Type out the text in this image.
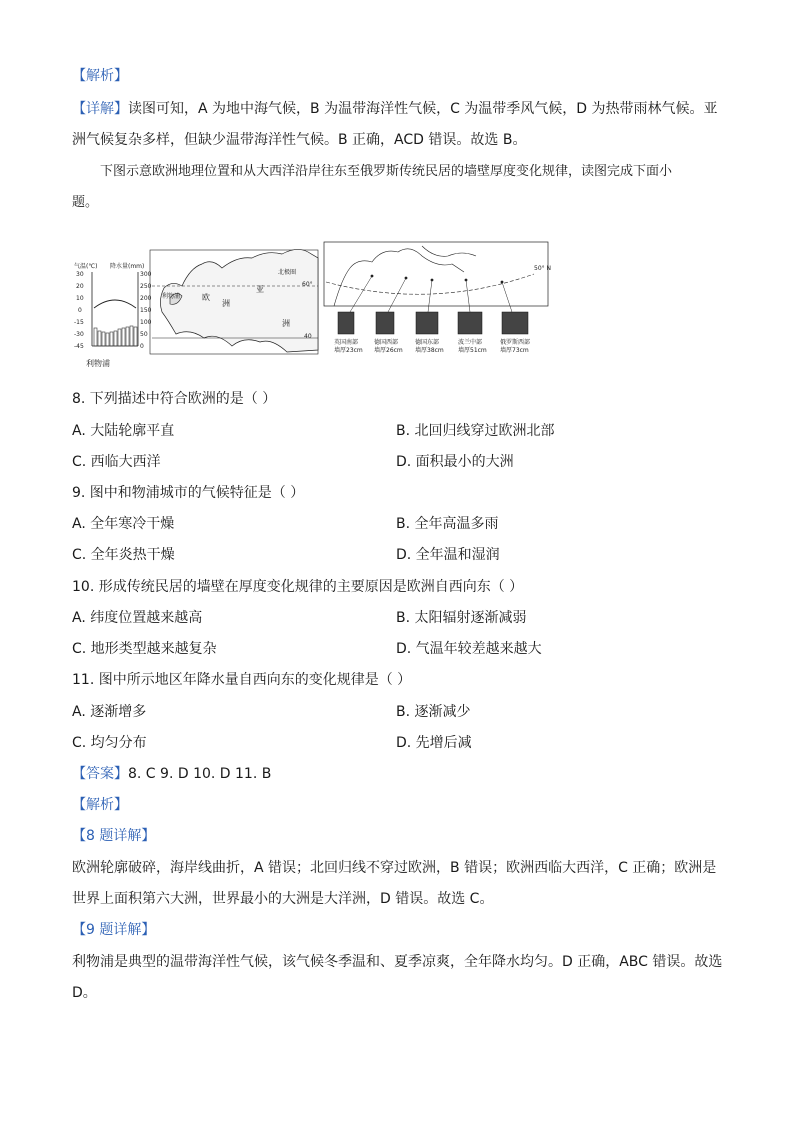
【解析】
【详解】读图可知，A 为地中海气候，B 为温带海洋性气候，C 为温带季风气候，D 为热带雨林气候。亚
洲气候复杂多样，但缺少温带海洋性气候。B 正确，ACD 错误。故选 B。
下图示意欧洲地理位置和从大西洋沿岸往东至俄罗斯传统民居的墙壁厚度变化规律，读图完成下面小
题。
气温(℃) 降水量(mm)
30
20
10
0
-15
-30
-45
300
250
200
150
100
50
0
利物浦
北极圈
60°
40
利物浦	欧
洲
亚
洲
50° N
英国南部
墙厚23cm
德国西部
墙厚26cm
德国东部
墙厚38cm
波兰中部
墙厚51cm
俄罗斯西部
墙厚73cm
8. 下列描述中符合欧洲的是（ ）
A. 大陆轮廓平直	B. 北回归线穿过欧洲北部
C. 西临大西洋	D. 面积最小的大洲
9. 图中和物浦城市的气候特征是（ ）
A. 全年寒冷干燥	B. 全年高温多雨
C. 全年炎热干燥	D. 全年温和湿润
10. 形成传统民居的墙壁在厚度变化规律的主要原因是欧洲自西向东（ ）
A. 纬度位置越来越高	B. 太阳辐射逐渐减弱
C. 地形类型越来越复杂	D. 气温年较差越来越大
11. 图中所示地区年降水量自西向东的变化规律是（ ）
A. 逐渐增多	B. 逐渐减少
C. 均匀分布	D. 先增后减
【答案】8. C 9. D 10. D 11. B
【解析】
【8 题详解】
欧洲轮廓破碎，海岸线曲折，A 错误；北回归线不穿过欧洲，B 错误；欧洲西临大西洋，C 正确；欧洲是
世界上面积第六大洲，世界最小的大洲是大洋洲，D 错误。故选 C。
【9 题详解】
利物浦是典型的温带海洋性气候，该气候冬季温和、夏季凉爽，全年降水均匀。D 正确，ABC 错误。故选
D。
